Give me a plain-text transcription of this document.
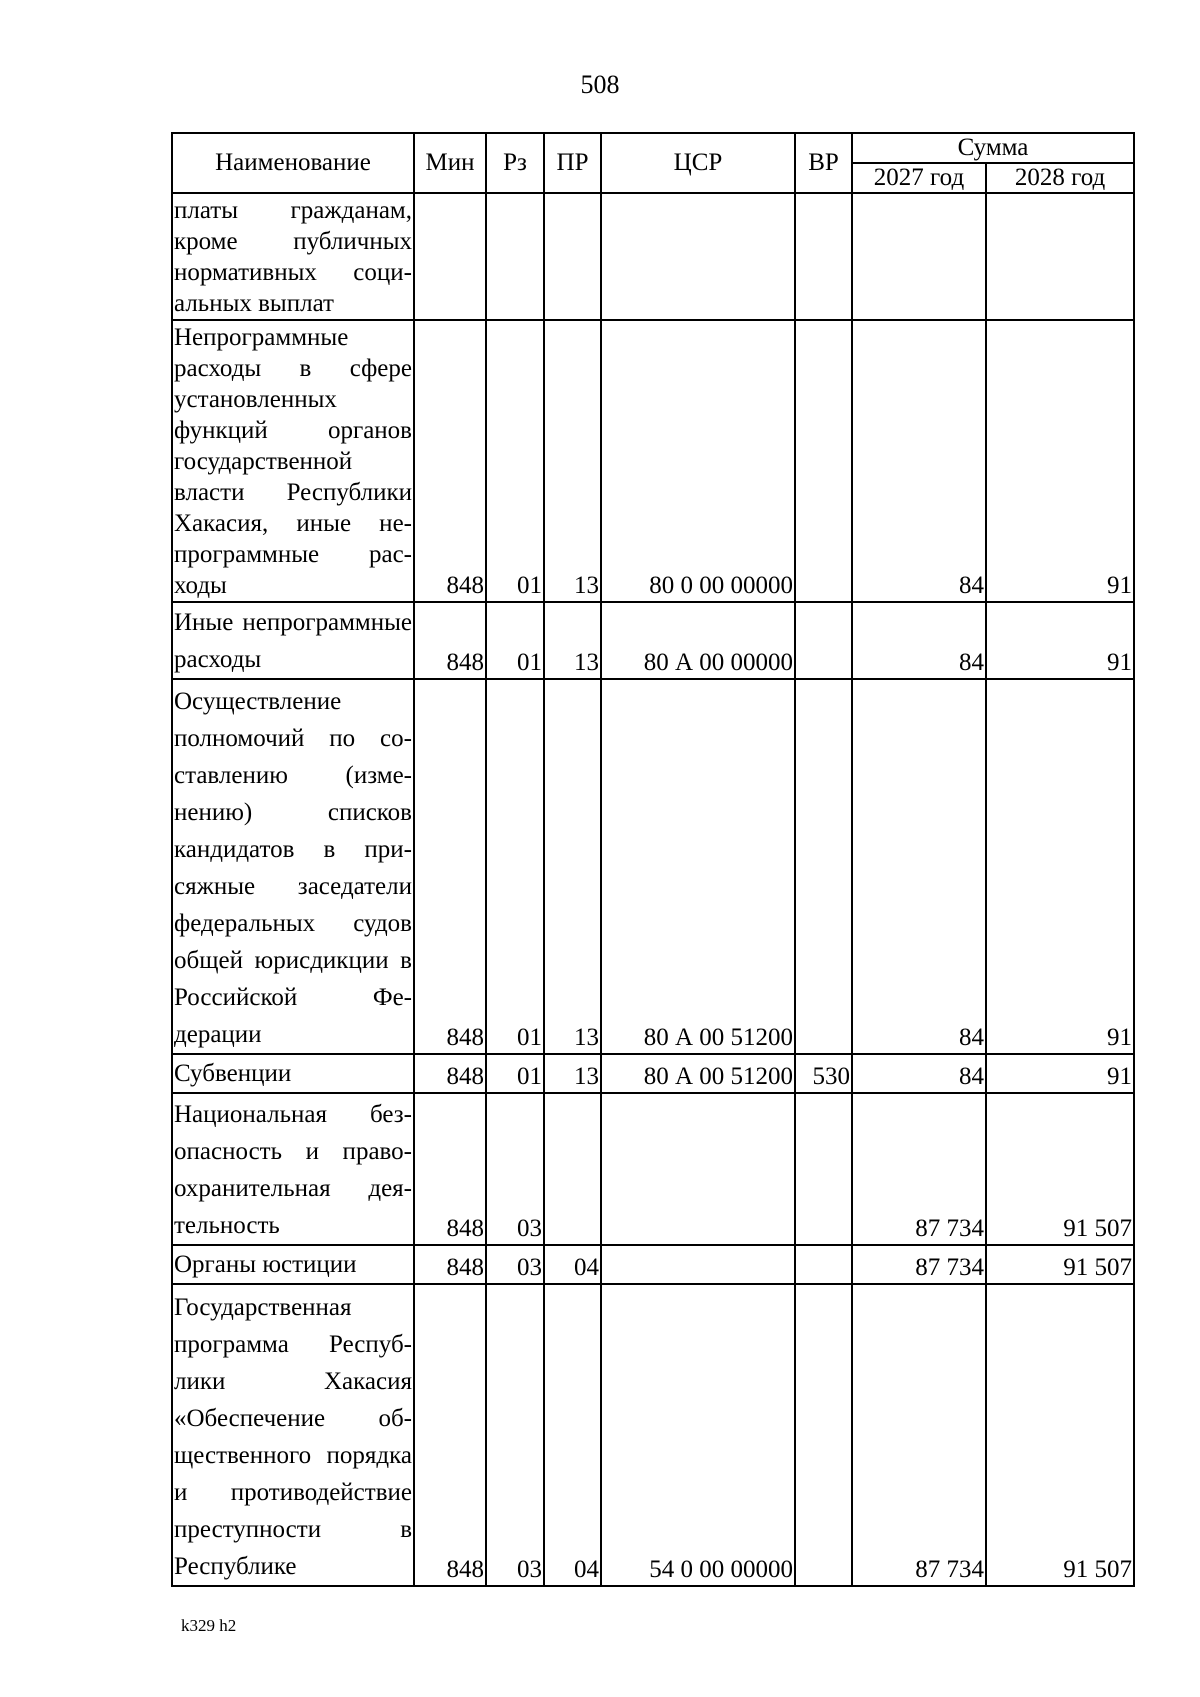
508
Наименование	Мин	Рз	ПР	ЦСР	ВР	Сумма	
						2027 год	2028 год
платы гражданам, кроме публичных нормативных социальных выплат							
Непрограммные расходы в сфере установленных функций органов государственной власти Республики Хакасия, иные непрограммные расходы	848	01	13	80 0 00 00000		84	91
Иные непрограммные расходы	848	01	13	80 А 00 00000		84	91
Осуществление полномочий по составлению (изменению) списков кандидатов в присяжные заседатели федеральных судов общей юрисдикции в Российской Федерации	848	01	13	80 А 00 51200		84	91
Субвенции	848	01	13	80 А 00 51200	530	84	91
Национальная безопасность и правоохранительная деятельность	848	03				87 734	91 507
Органы юстиции	848	03	04			87 734	91 507
Государственная программа Республики Хакасия «Обеспечение общественного порядка и противодействие преступности в Республике	848	03	04	54 0 00 00000		87 734	91 507
k329 h2
